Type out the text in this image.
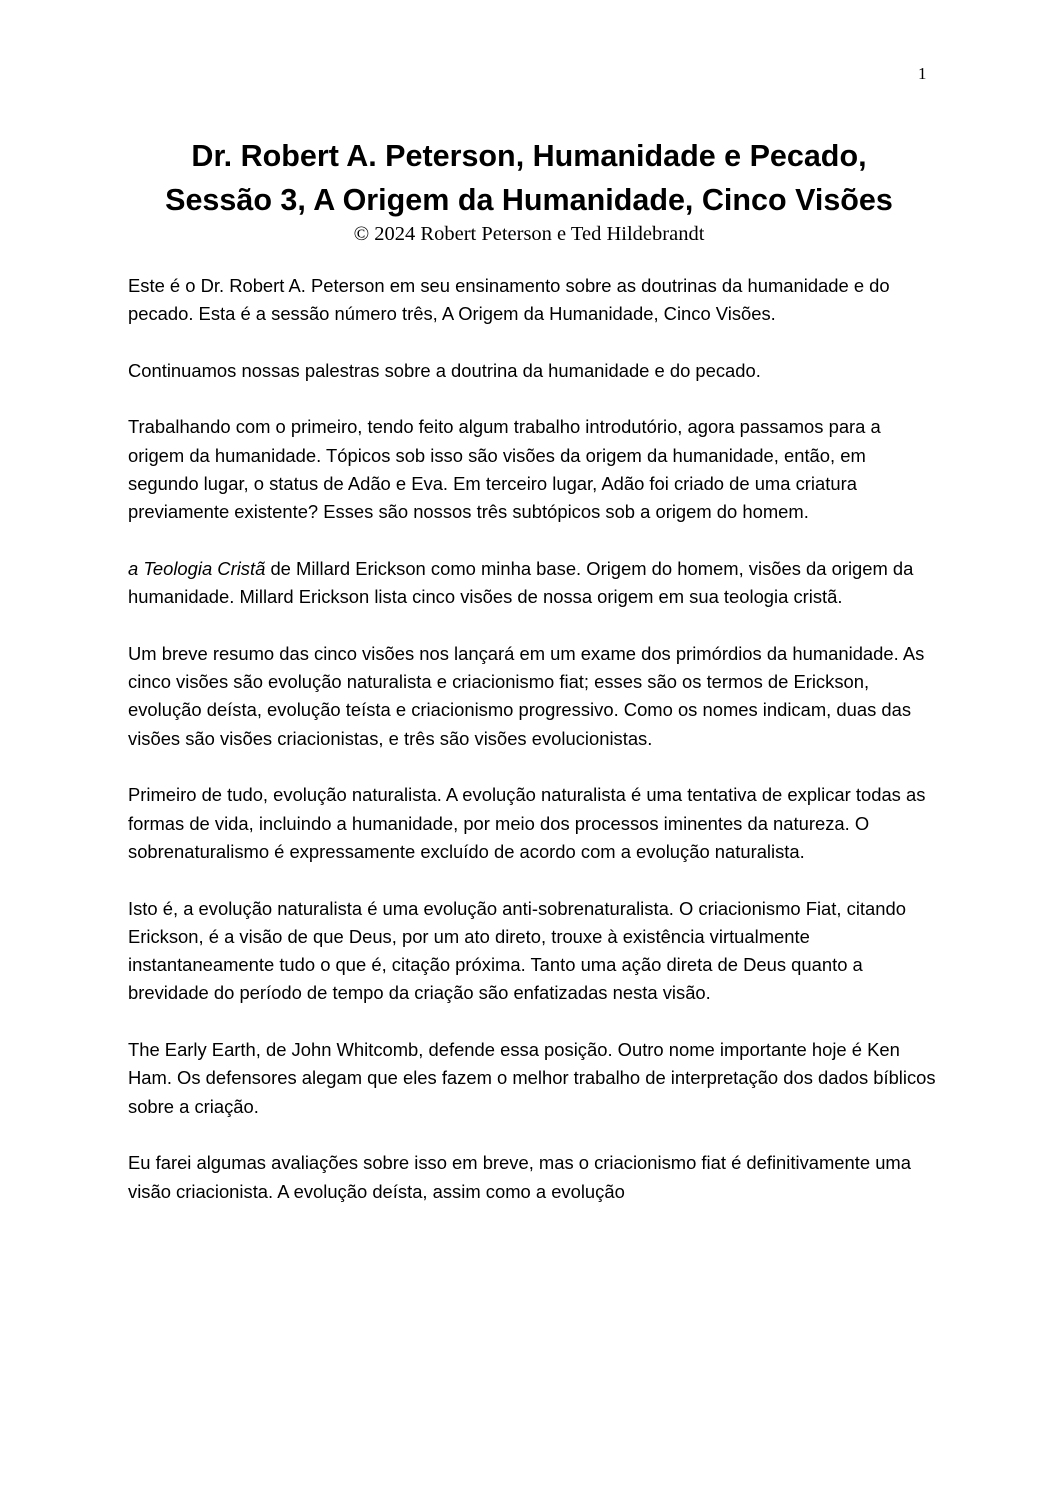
1
Dr. Robert A. Peterson, Humanidade e Pecado,
Sessão 3, A Origem da Humanidade, Cinco Visões
© 2024 Robert Peterson e Ted Hildebrandt

Este é o Dr. Robert A. Peterson em seu ensinamento sobre as doutrinas da humanidade e do pecado. Esta é a sessão número três, A Origem da Humanidade, Cinco Visões.

Continuamos nossas palestras sobre a doutrina da humanidade e do pecado.

Trabalhando com o primeiro, tendo feito algum trabalho introdutório, agora passamos para a origem da humanidade. Tópicos sob isso são visões da origem da humanidade, então, em segundo lugar, o status de Adão e Eva. Em terceiro lugar, Adão foi criado de uma criatura previamente existente? Esses são nossos três subtópicos sob a origem do homem.

a Teologia Cristã de Millard Erickson como minha base. Origem do homem, visões da origem da humanidade. Millard Erickson lista cinco visões de nossa origem em sua teologia cristã.

Um breve resumo das cinco visões nos lançará em um exame dos primórdios da humanidade. As cinco visões são evolução naturalista e criacionismo fiat; esses são os termos de Erickson, evolução deísta, evolução teísta e criacionismo progressivo. Como os nomes indicam, duas das visões são visões criacionistas, e três são visões evolucionistas.

Primeiro de tudo, evolução naturalista. A evolução naturalista é uma tentativa de explicar todas as formas de vida, incluindo a humanidade, por meio dos processos iminentes da natureza. O sobrenaturalismo é expressamente excluído de acordo com a evolução naturalista.

Isto é, a evolução naturalista é uma evolução anti-sobrenaturalista. O criacionismo Fiat, citando Erickson, é a visão de que Deus, por um ato direto, trouxe à existência virtualmente instantaneamente tudo o que é, citação próxima. Tanto uma ação direta de Deus quanto a brevidade do período de tempo da criação são enfatizadas nesta visão.

The Early Earth, de John Whitcomb, defende essa posição. Outro nome importante hoje é Ken Ham. Os defensores alegam que eles fazem o melhor trabalho de interpretação dos dados bíblicos sobre a criação.

Eu farei algumas avaliações sobre isso em breve, mas o criacionismo fiat é definitivamente uma visão criacionista. A evolução deísta, assim como a evolução
